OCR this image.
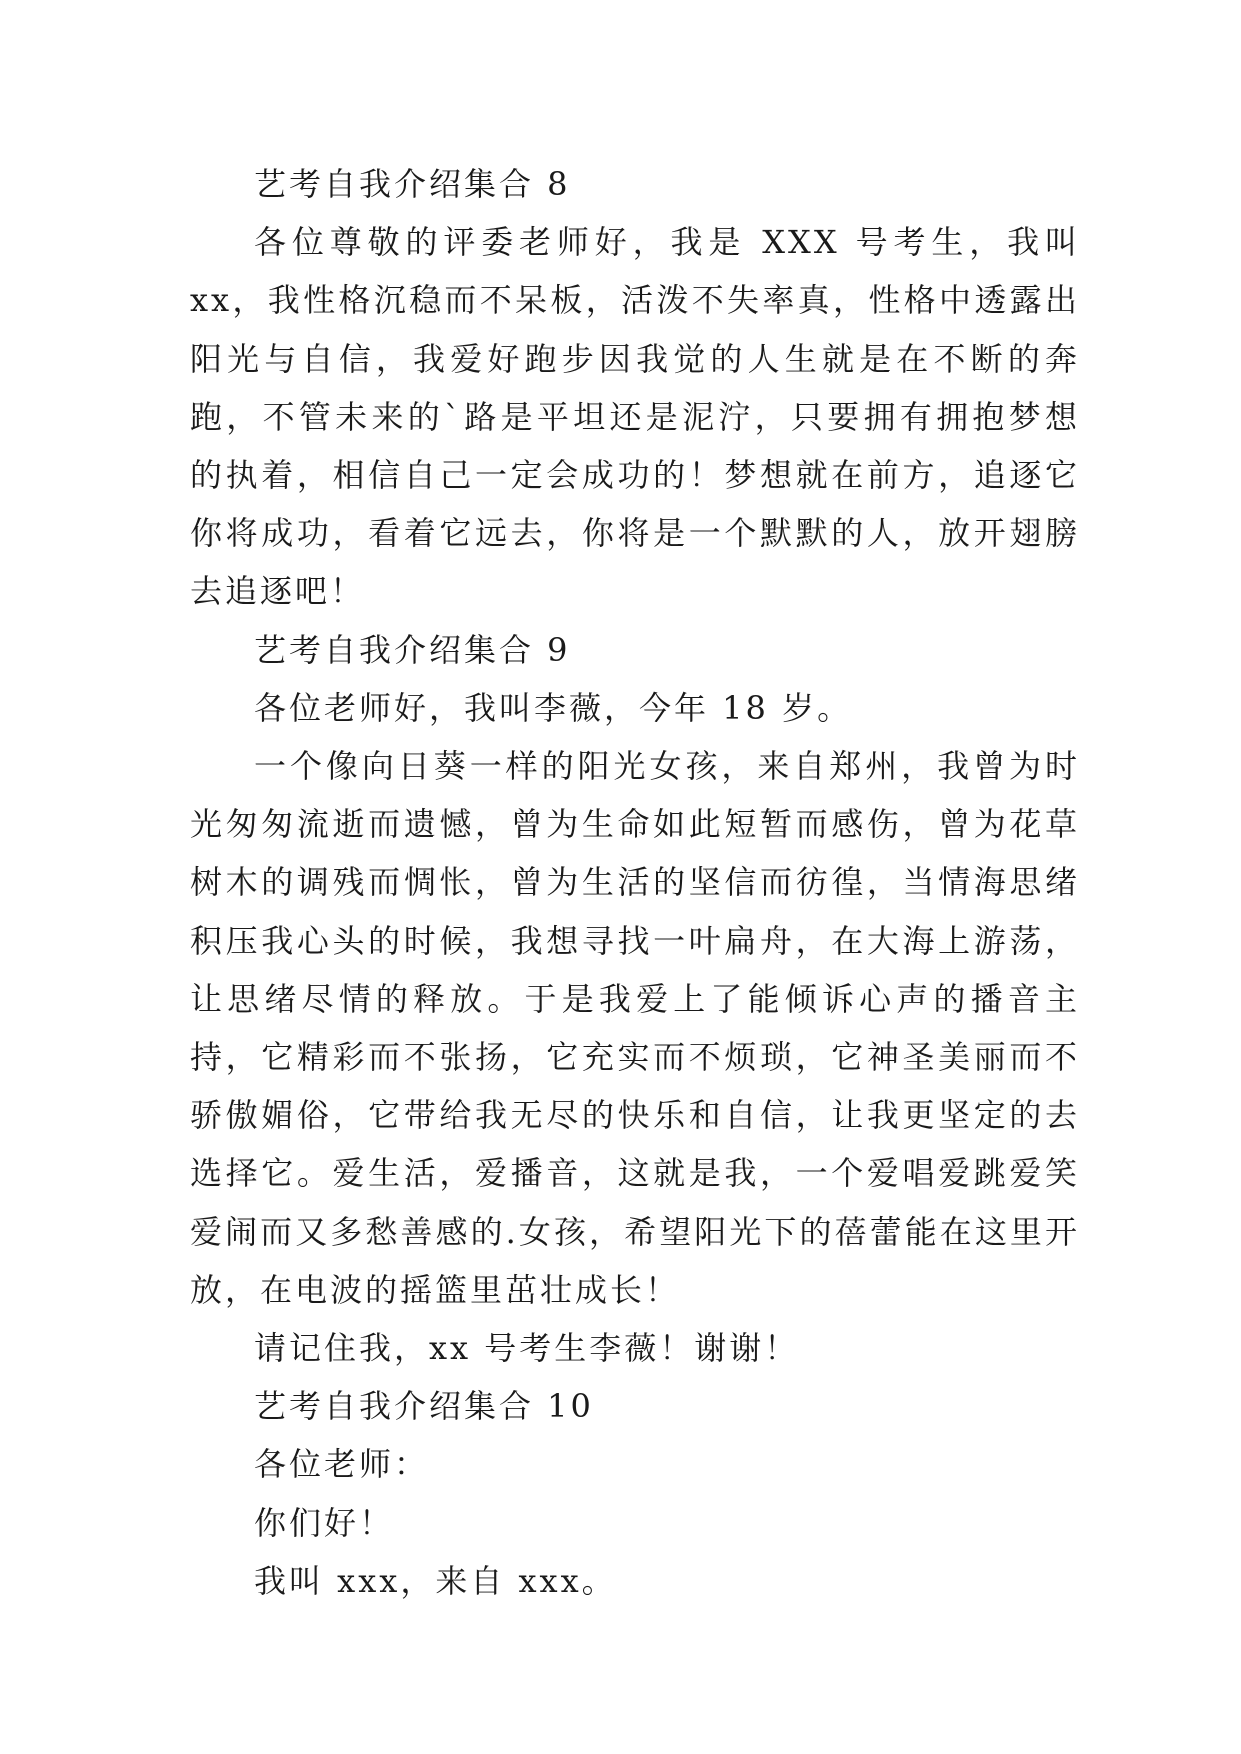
艺考自我介绍集合 8

各位尊敬的评委老师好，我是 XXX 号考生，我叫 xx，我性格沉稳而不呆板，活泼不失率真，性格中透露出阳光与自信，我爱好跑步因我觉的人生就是在不断的奔跑，不管未来的`路是平坦还是泥泞，只要拥有拥抱梦想的执着，相信自己一定会成功的！梦想就在前方，追逐它你将成功，看着它远去，你将是一个默默的人，放开翅膀去追逐吧！

艺考自我介绍集合 9

各位老师好，我叫李薇，今年 18 岁。

一个像向日葵一样的阳光女孩，来自郑州，我曾为时光匆匆流逝而遗憾，曾为生命如此短暂而感伤，曾为花草树木的调残而惆怅，曾为生活的坚信而彷徨，当情海思绪积压我心头的时候，我想寻找一叶扁舟，在大海上游荡，让思绪尽情的释放。于是我爱上了能倾诉心声的播音主持，它精彩而不张扬，它充实而不烦琐，它神圣美丽而不骄傲媚俗，它带给我无尽的快乐和自信，让我更坚定的去选择它。爱生活，爱播音，这就是我，一个爱唱爱跳爱笑爱闹而又多愁善感的.女孩，希望阳光下的蓓蕾能在这里开放，在电波的摇篮里茁壮成长！

请记住我，xx 号考生李薇！谢谢！

艺考自我介绍集合 10

各位老师：

你们好！

我叫 xxx，来自 xxx。
